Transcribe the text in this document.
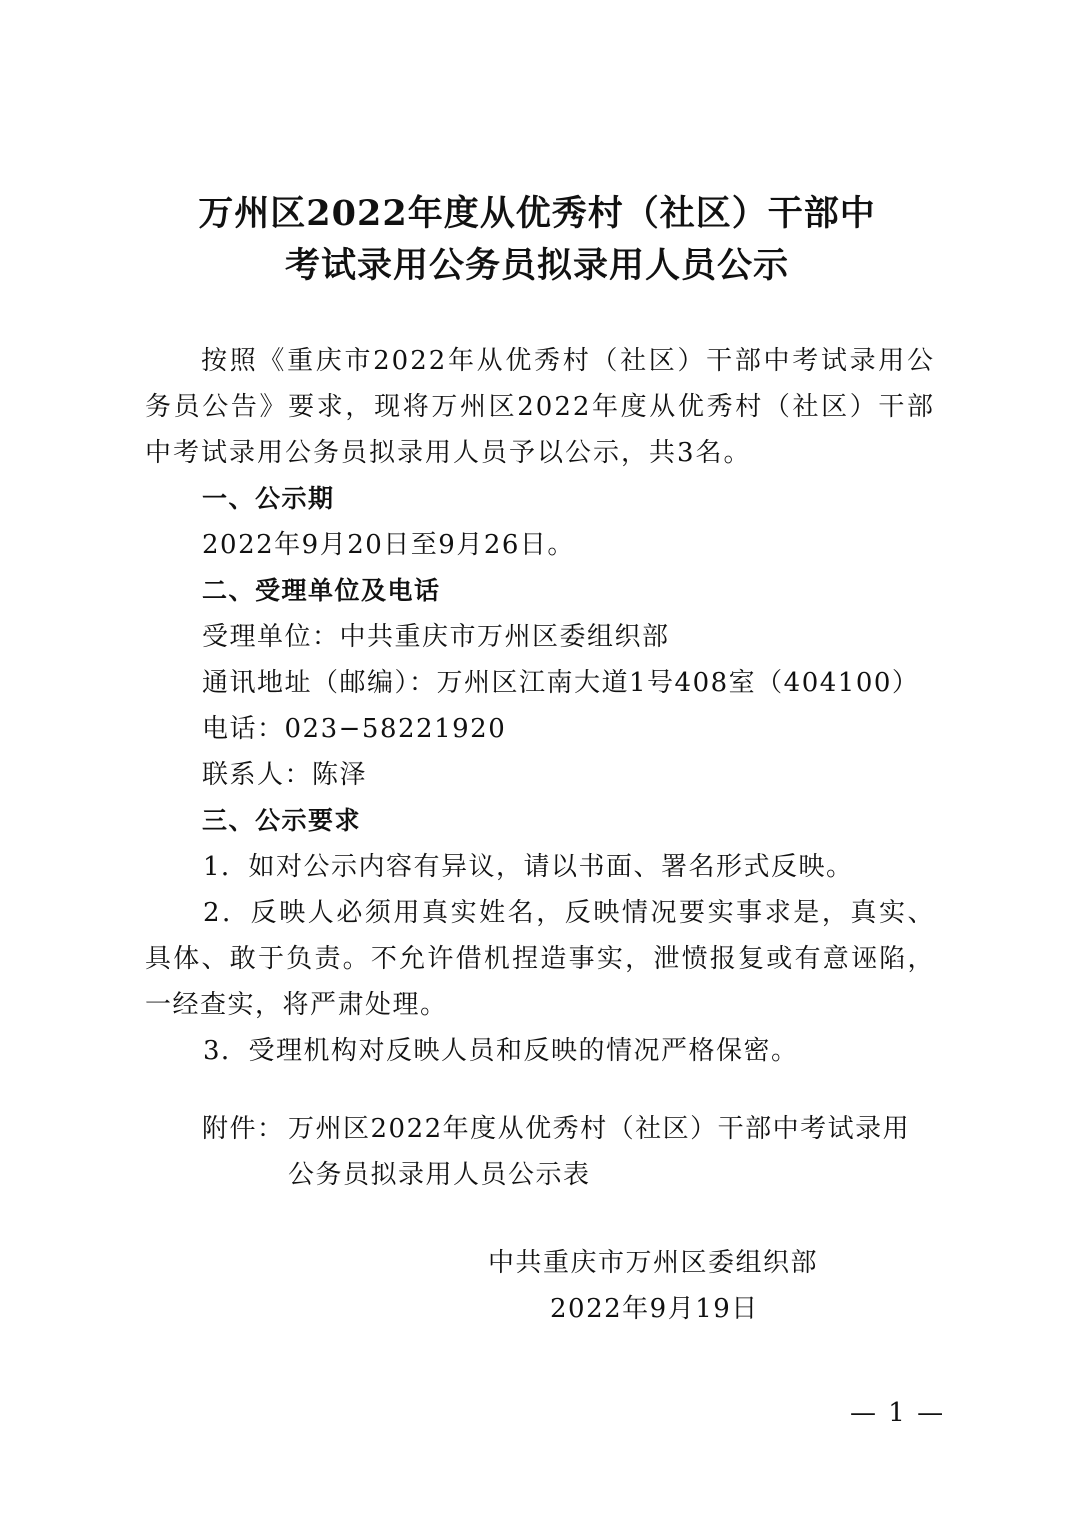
万州区2022年度从优秀村（社区）干部中
考试录用公务员拟录用人员公示
按照《重庆市2022年从优秀村（社区）干部中考试录用公务员公告》要求，现将万州区2022年度从优秀村（社区）干部中考试录用公务员拟录用人员予以公示，共3名。
一、公示期
2022年9月20日至9月26日。
二、受理单位及电话
受理单位：中共重庆市万州区委组织部
通讯地址（邮编）：万州区江南大道1号408室（404100）
电话：023−58221920
联系人：陈泽
三、公示要求
1．如对公示内容有异议，请以书面、署名形式反映。
2．反映人必须用真实姓名，反映情况要实事求是，真实、具体、敢于负责。不允许借机捏造事实，泄愤报复或有意诬陷，一经查实，将严肃处理。
3．受理机构对反映人员和反映的情况严格保密。
附件： 万州区2022年度从优秀村（社区）干部中考试录用公务员拟录用人员公示表
中共重庆市万州区委组织部
2022年9月19日
— 1 —
